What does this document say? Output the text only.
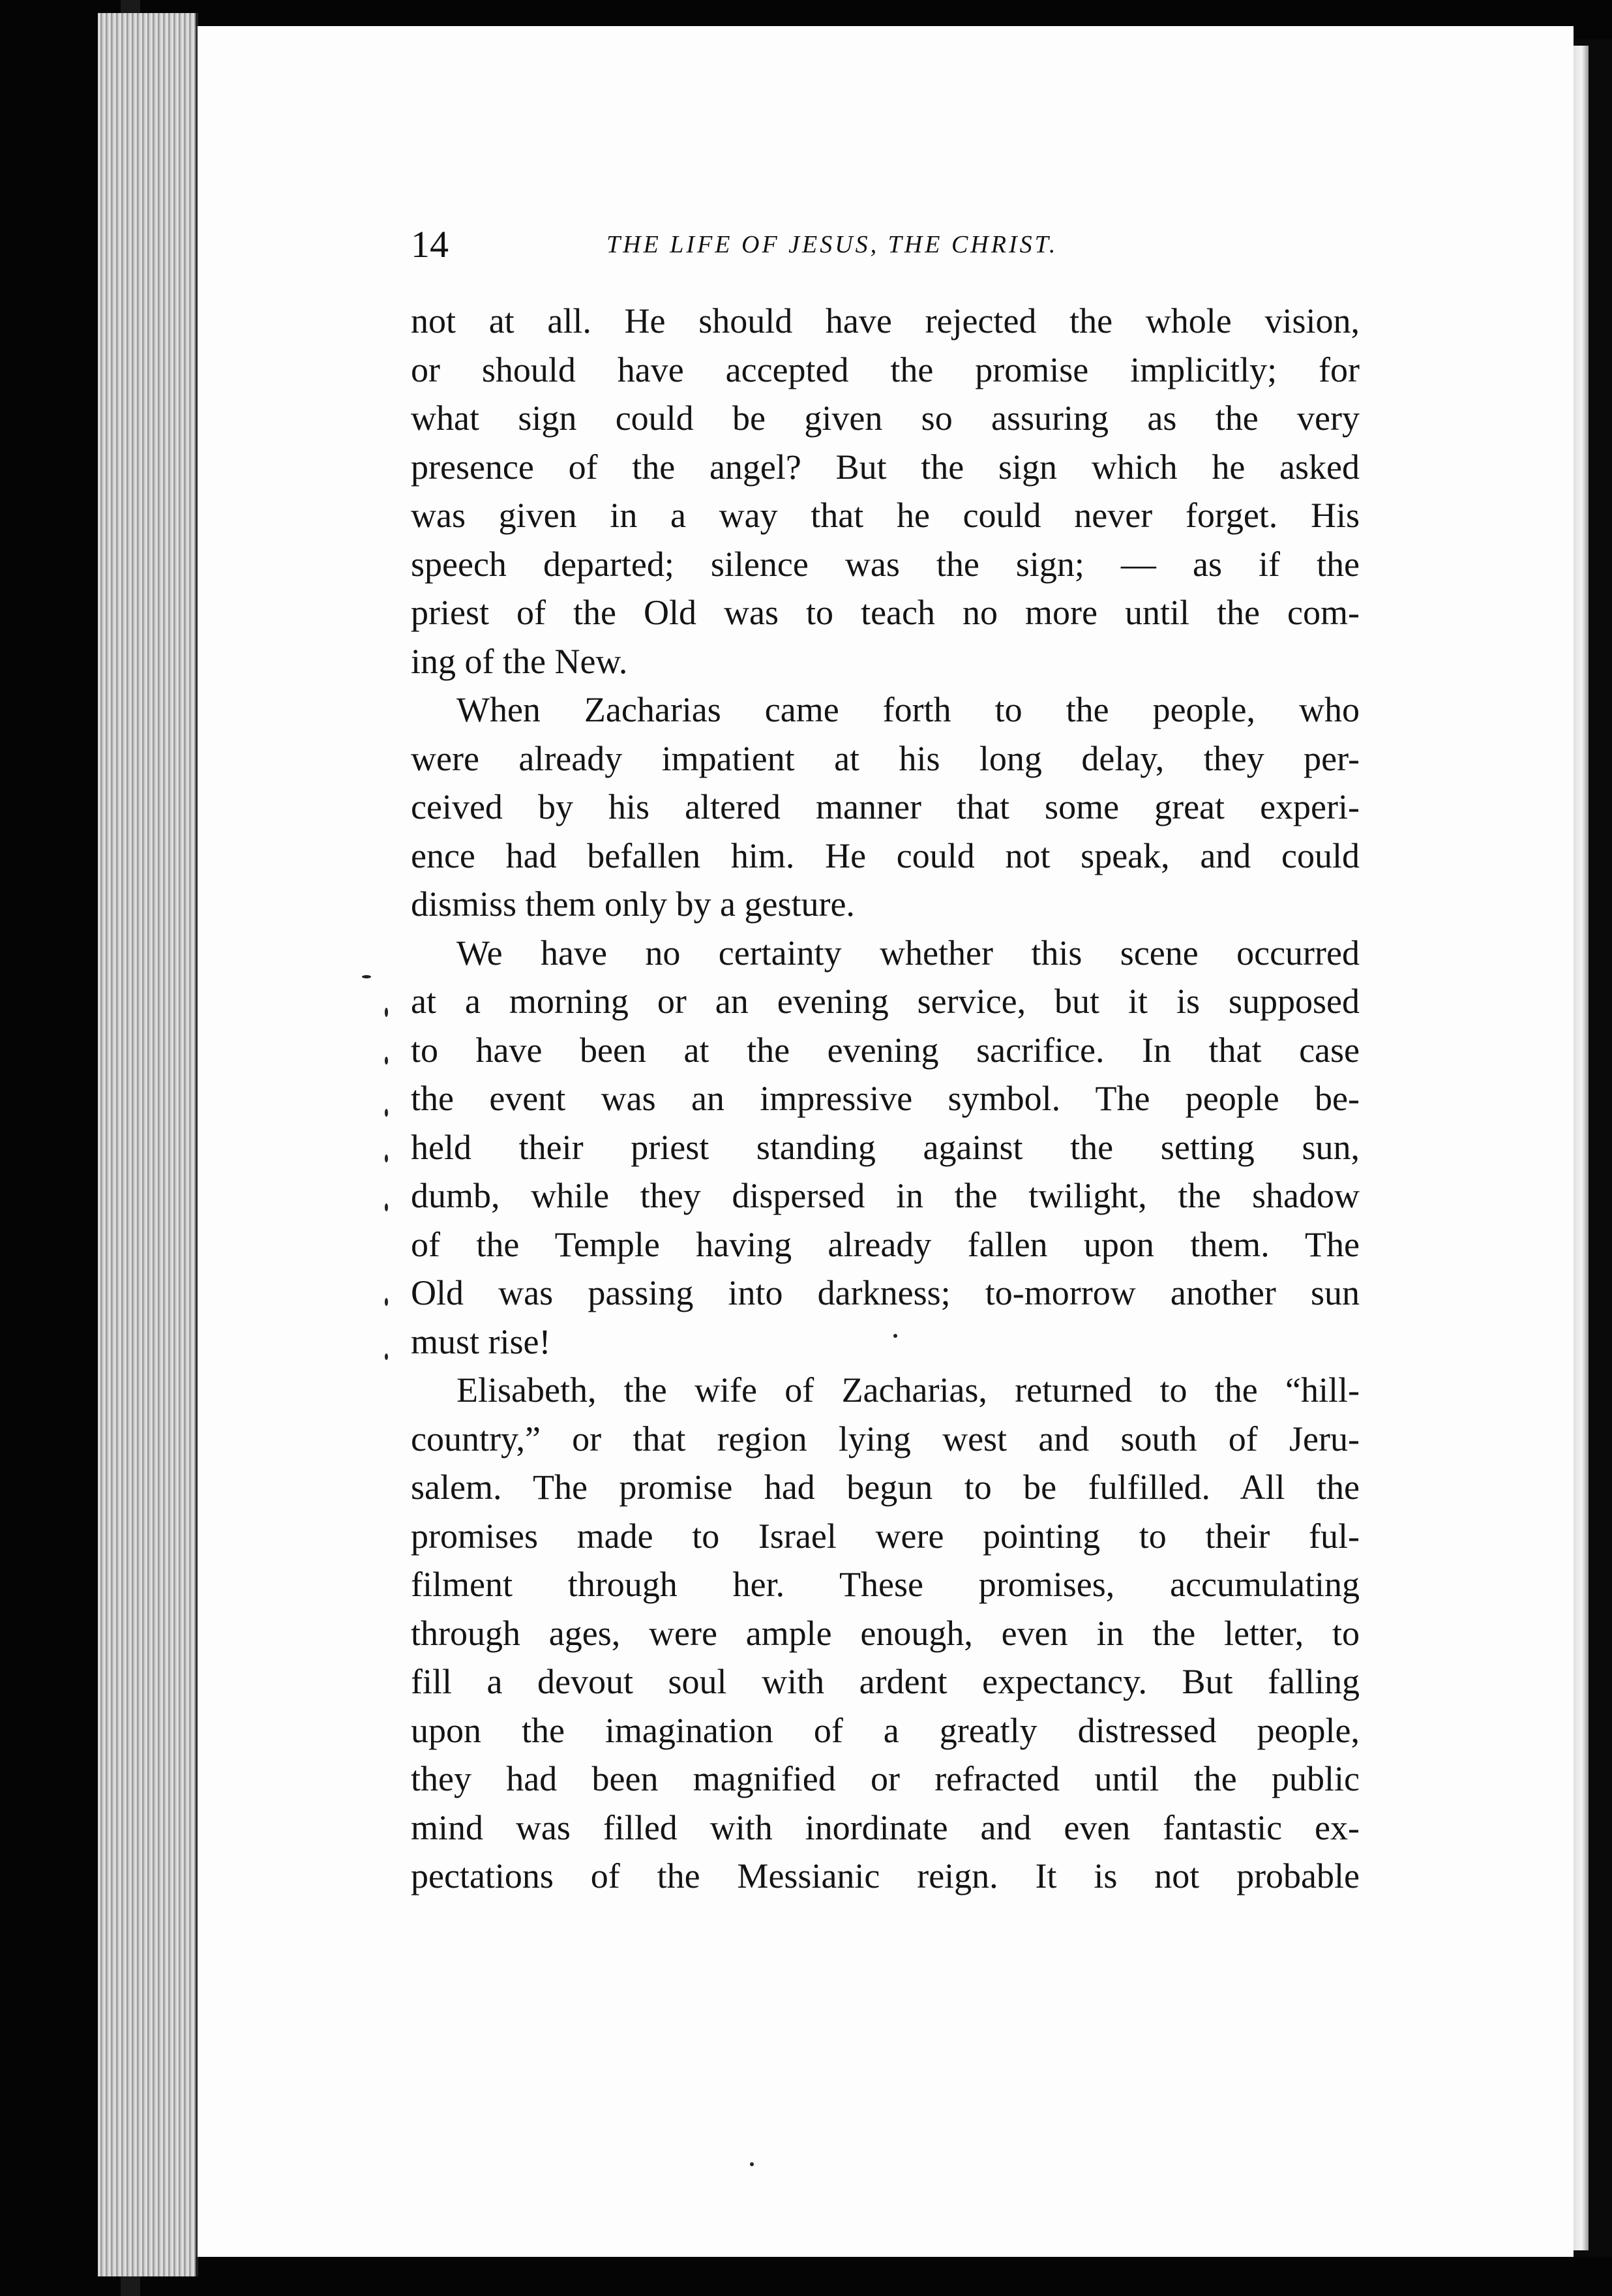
14	THE LIFE OF JESUS, THE CHRIST.
not at all. He should have rejected the whole vision,
or should have accepted the promise implicitly; for
what sign could be given so assuring as the very
presence of the angel? But the sign which he asked
was given in a way that he could never forget. His
speech departed; silence was the sign; — as if the
priest of the Old was to teach no more until the com-
ing of the New.
When Zacharias came forth to the people, who
were already impatient at his long delay, they per-
ceived by his altered manner that some great experi-
ence had befallen him. He could not speak, and could
dismiss them only by a gesture.
We have no certainty whether this scene occurred
at a morning or an evening service, but it is supposed
to have been at the evening sacrifice. In that case
the event was an impressive symbol. The people be-
held their priest standing against the setting sun,
dumb, while they dispersed in the twilight, the shadow
of the Temple having already fallen upon them. The
Old was passing into darkness; to-morrow another sun
must rise!
Elisabeth, the wife of Zacharias, returned to the “hill-
country,” or that region lying west and south of Jeru-
salem. The promise had begun to be fulfilled. All the
promises made to Israel were pointing to their ful-
filment through her. These promises, accumulating
through ages, were ample enough, even in the letter, to
fill a devout soul with ardent expectancy. But falling
upon the imagination of a greatly distressed people,
they had been magnified or refracted until the public
mind was filled with inordinate and even fantastic ex-
pectations of the Messianic reign. It is not probable
